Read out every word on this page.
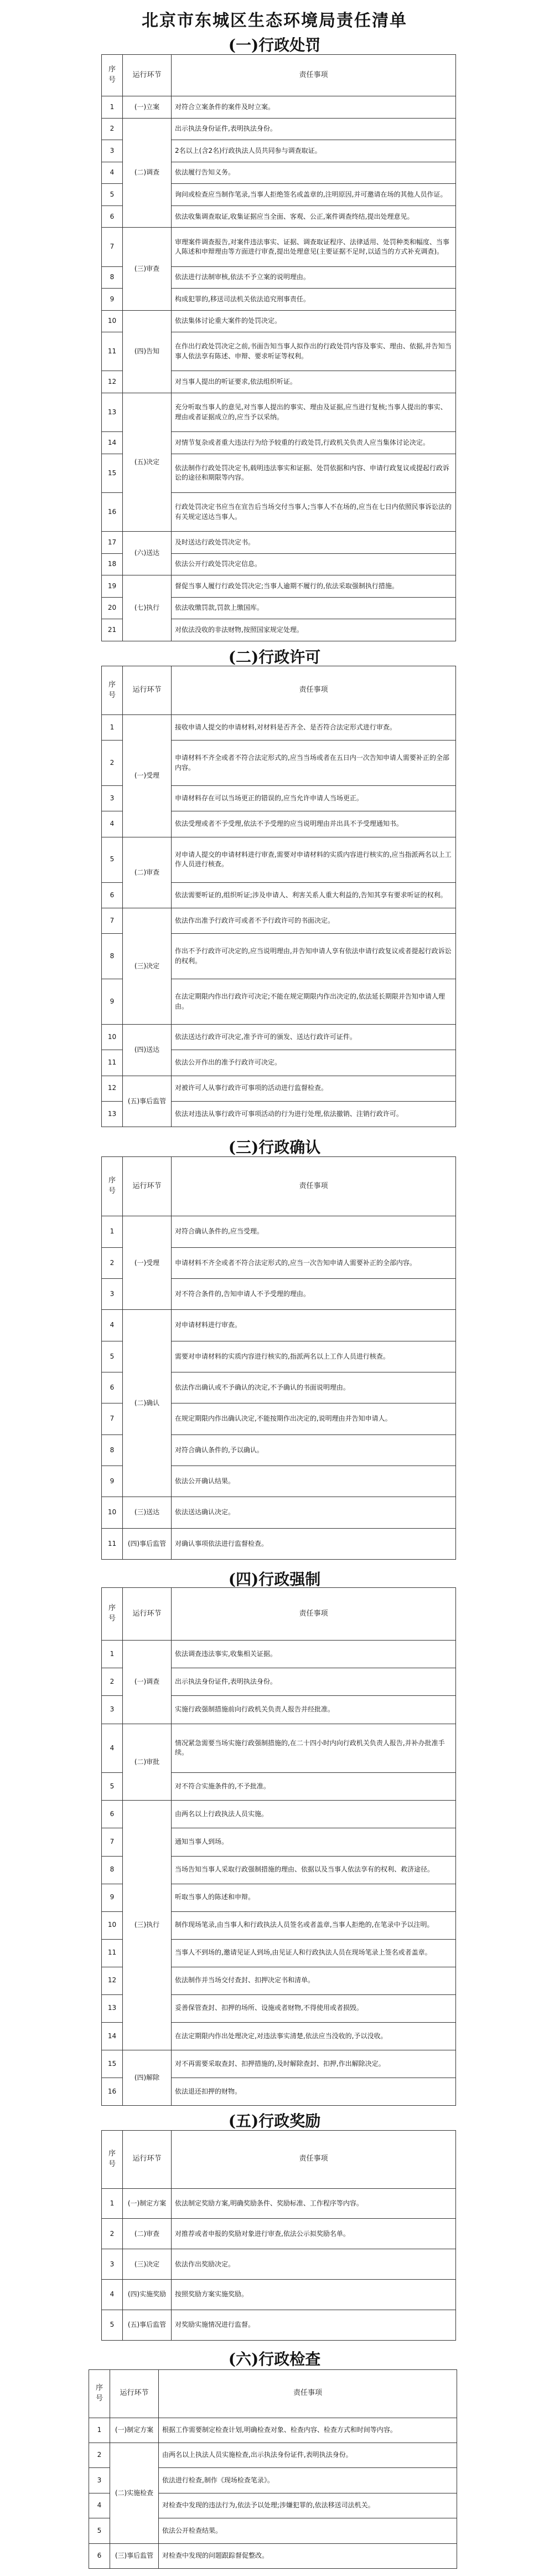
北京市东城区生态环境局责任清单
(一)行政处罚
序号	运行环节	责任事项
1	(一)立案	对符合立案条件的案件及时立案。
2	(二)调查	出示执法身份证件,表明执法身份。
3		2名以上(含2名)行政执法人员共同参与调查取证。
4		依法履行告知义务。
5		询问或检查应当制作笔录,当事人拒绝签名或盖章的,注明原因,并可邀请在场的其他人员作证。
6		依法收集调查取证,收集证据应当全面、客观、公正,案件调查终结,提出处理意见。
7	(三)审查	审理案件调查报告,对案件违法事实、证据、调查取证程序、法律适用、处罚种类和幅度、当事人陈述和申辩理由等方面进行审查,提出处理意见(主要证据不足时,以适当的方式补充调查)。
8		依法进行法制审核,依法不予立案的说明理由。
9		构成犯罪的,移送司法机关依法追究刑事责任。
10	(四)告知	依法集体讨论重大案件的处罚决定。
11		在作出行政处罚决定之前,书面告知当事人拟作出的行政处罚内容及事实、理由、依据,并告知当事人依法享有陈述、申辩、要求听证等权利。
12		对当事人提出的听证要求,依法组织听证。
13	(五)决定	充分听取当事人的意见,对当事人提出的事实、理由及证据,应当进行复核;当事人提出的事实、理由或者证据成立的,应当予以采纳。
14		对情节复杂或者重大违法行为给予较重的行政处罚,行政机关负责人应当集体讨论决定。
15		依法制作行政处罚决定书,载明违法事实和证据、处罚依据和内容、申请行政复议或提起行政诉讼的途径和期限等内容。
16		行政处罚决定书应当在宣告后当场交付当事人;当事人不在场的,应当在七日内依照民事诉讼法的有关规定送达当事人。
17	(六)送达	及时送达行政处罚决定书。
18		依法公开行政处罚决定信息。
19	(七)执行	督促当事人履行行政处罚决定;当事人逾期不履行的,依法采取强制执行措施。
20		依法收缴罚款,罚款上缴国库。
21		对依法没收的非法财物,按照国家规定处理。
(二)行政许可
序号	运行环节	责任事项
1	(一)受理	接收申请人提交的申请材料,对材料是否齐全、是否符合法定形式进行审查。
2		申请材料不齐全或者不符合法定形式的,应当当场或者在五日内一次告知申请人需要补正的全部内容。
3		申请材料存在可以当场更正的错误的,应当允许申请人当场更正。
4		依法受理或者不予受理,依法不予受理的应当说明理由并出具不予受理通知书。
5	(二)审查	对申请人提交的申请材料进行审查,需要对申请材料的实质内容进行核实的,应当指派两名以上工作人员进行核查。
6		依法需要听证的,组织听证;涉及申请人、利害关系人重大利益的,告知其享有要求听证的权利。
7	(三)决定	依法作出准予行政许可或者不予行政许可的书面决定。
8		作出不予行政许可决定的,应当说明理由,并告知申请人享有依法申请行政复议或者提起行政诉讼的权利。
9		在法定期限内作出行政许可决定;不能在规定期限内作出决定的,依法延长期限并告知申请人理由。
10	(四)送达	依法送达行政许可决定,准予许可的颁发、送达行政许可证件。
11		依法公开作出的准予行政许可决定。
12	(五)事后监管	对被许可人从事行政许可事项的活动进行监督检查。
13		依法对违法从事行政许可事项活动的行为进行处理,依法撤销、注销行政许可。
(三)行政确认
序号	运行环节	责任事项
1	(一)受理	对符合确认条件的,应当受理。
2		申请材料不齐全或者不符合法定形式的,应当一次告知申请人需要补正的全部内容。
3		对不符合条件的,告知申请人不予受理的理由。
4	(二)确认	对申请材料进行审查。
5		需要对申请材料的实质内容进行核实的,指派两名以上工作人员进行核查。
6		依法作出确认或不予确认的决定,不予确认的书面说明理由。
7		在规定期限内作出确认决定,不能按期作出决定的,说明理由并告知申请人。
8		对符合确认条件的,予以确认。
9		依法公开确认结果。
10	(三)送达	依法送达确认决定。
11	(四)事后监管	对确认事项依法进行监督检查。
(四)行政强制
序号	运行环节	责任事项
1	(一)调查	依法调查违法事实,收集相关证据。
2		出示执法身份证件,表明执法身份。
3		实施行政强制措施前向行政机关负责人报告并经批准。
4	(二)审批	情况紧急需要当场实施行政强制措施的,在二十四小时内向行政机关负责人报告,并补办批准手续。
5		对不符合实施条件的,不予批准。
6	(三)执行	由两名以上行政执法人员实施。
7		通知当事人到场。
8		当场告知当事人采取行政强制措施的理由、依据以及当事人依法享有的权利、救济途径。
9		听取当事人的陈述和申辩。
10		制作现场笔录,由当事人和行政执法人员签名或者盖章,当事人拒绝的,在笔录中予以注明。
11		当事人不到场的,邀请见证人到场,由见证人和行政执法人员在现场笔录上签名或者盖章。
12		依法制作并当场交付查封、扣押决定书和清单。
13		妥善保管查封、扣押的场所、设施或者财物,不得使用或者损毁。
14		在法定期限内作出处理决定,对违法事实清楚,依法应当没收的,予以没收。
15	(四)解除	对不再需要采取查封、扣押措施的,及时解除查封、扣押,作出解除决定。
16		依法退还扣押的财物。
(五)行政奖励
序号	运行环节	责任事项
1	(一)制定方案	依法制定奖励方案,明确奖励条件、奖励标准、工作程序等内容。
2	(二)审查	对推荐或者申报的奖励对象进行审查,依法公示拟奖励名单。
3	(三)决定	依法作出奖励决定。
4	(四)实施奖励	按照奖励方案实施奖励。
5	(五)事后监管	对奖励实施情况进行监督。
(六)行政检查
序号	运行环节	责任事项
1	(一)制定方案	根据工作需要制定检查计划,明确检查对象、检查内容、检查方式和时间等内容。
2	(二)实施检查	由两名以上执法人员实施检查,出示执法身份证件,表明执法身份。
3		依法进行检查,制作《现场检查笔录》。
4		对检查中发现的违法行为,依法予以处理;涉嫌犯罪的,依法移送司法机关。
5		依法公开检查结果。
6	(三)事后监管	对检查中发现的问题跟踪督促整改。
